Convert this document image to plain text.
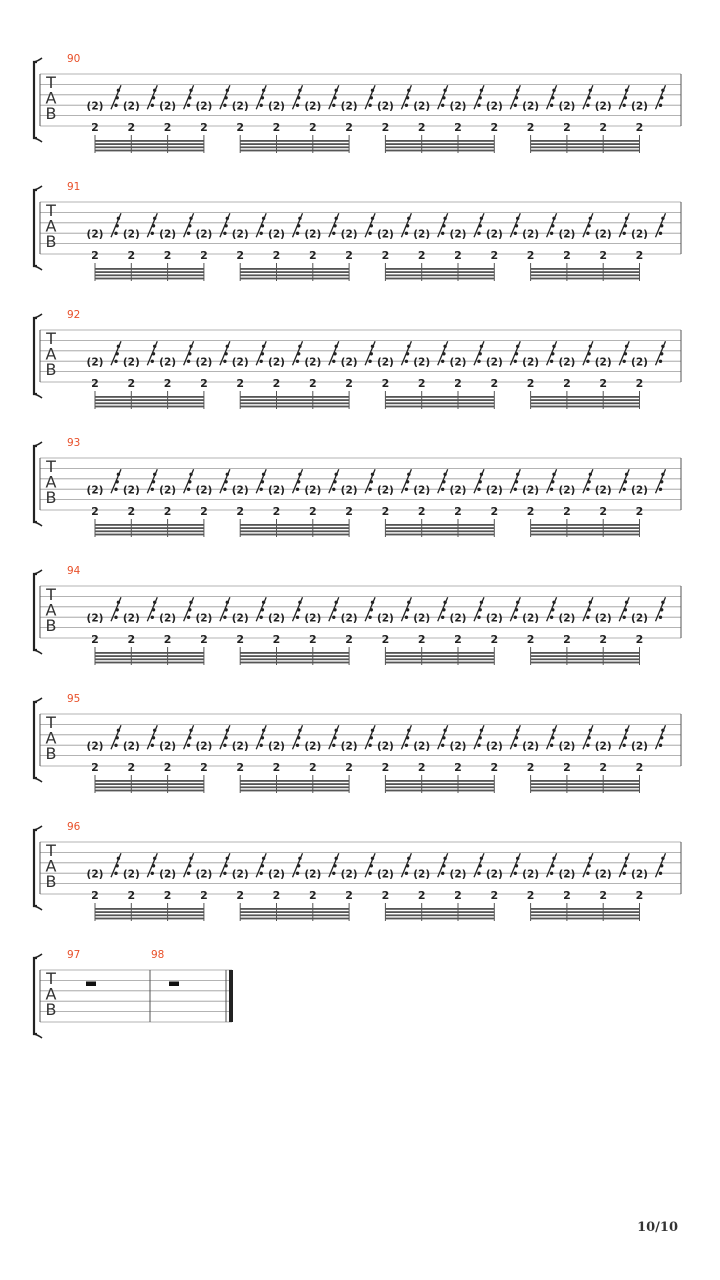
90
T
A
B	(2)
2
(2)
2
(2)
2
(2)
2
(2)
2
(2)
2
(2)
2
(2)
2
(2)
2
(2)
2
(2)
2
(2)
2
(2)
2
(2)
2
(2)
2
(2)
2
91
T
A
B	(2)
2
(2)
2
(2)
2
(2)
2
(2)
2
(2)
2
(2)
2
(2)
2
(2)
2
(2)
2
(2)
2
(2)
2
(2)
2
(2)
2
(2)
2
(2)
2
92
T
A
B	(2)
2
(2)
2
(2)
2
(2)
2
(2)
2
(2)
2
(2)
2
(2)
2
(2)
2
(2)
2
(2)
2
(2)
2
(2)
2
(2)
2
(2)
2
(2)
2
93
T
A
B	(2)
2
(2)
2
(2)
2
(2)
2
(2)
2
(2)
2
(2)
2
(2)
2
(2)
2
(2)
2
(2)
2
(2)
2
(2)
2
(2)
2
(2)
2
(2)
2
94
T
A
B	(2)
2
(2)
2
(2)
2
(2)
2
(2)
2
(2)
2
(2)
2
(2)
2
(2)
2
(2)
2
(2)
2
(2)
2
(2)
2
(2)
2
(2)
2
(2)
2
95
T
A
B	(2)
2
(2)
2
(2)
2
(2)
2
(2)
2
(2)
2
(2)
2
(2)
2
(2)
2
(2)
2
(2)
2
(2)
2
(2)
2
(2)
2
(2)
2
(2)
2
96
T
A
B	(2)
2
(2)
2
(2)
2
(2)
2
(2)
2
(2)
2
(2)
2
(2)
2
(2)
2
(2)
2
(2)
2
(2)
2
(2)
2
(2)
2
(2)
2
(2)
2
T
A
B
97	98
10/10
